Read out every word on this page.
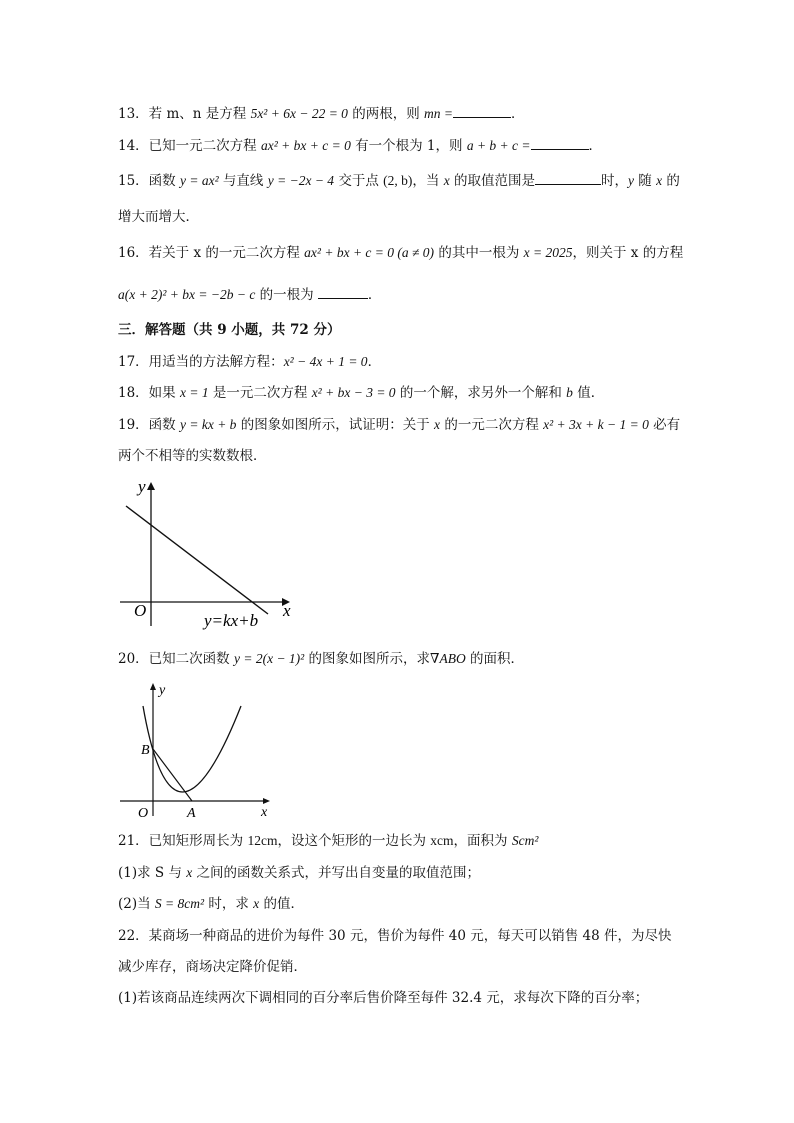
13．若 m、n 是方程 5x² + 6x − 22 = 0 的两根，则 mn =	．
14．已知一元二次方程 ax² + bx + c = 0 有一个根为 1，则 a + b + c =	．
15．函数 y = ax² 与直线 y = −2x − 4 交于点 (2, b)，当 x 的取值范围是	时，y 随 x 的
增大而增大．
16．若关于 x 的一元二次方程 ax² + bx + c = 0 (a ≠ 0) 的其中一根为 x = 2025，则关于 x 的方程
a(x + 2)² + bx = −2b − c 的一根为	．
三．解答题（共 9 小题，共 72 分）
17．用适当的方法解方程：x² − 4x + 1 = 0．
18．如果 x = 1 是一元二次方程 x² + bx − 3 = 0 的一个解，求另外一个解和 b 值．
19．函数 y = kx + b 的图象如图所示，试证明：关于 x 的一元二次方程 x² + 3x + k − 1 = 0 必有
两个不相等的实数数根．
y
x
O
y=kx+b
20．已知二次函数 y = 2(x − 1)² 的图象如图所示，求∇ABO 的面积．
y
x
O	A
B
21．已知矩形周长为 12cm，设这个矩形的一边长为 xcm，面积为 Scm²
(1)求 S 与 x 之间的函数关系式，并写出自变量的取值范围；
(2)当 S = 8cm² 时，求 x 的值．
22．某商场一种商品的进价为每件 30 元，售价为每件 40 元，每天可以销售 48 件，为尽快
减少库存，商场决定降价促销．
(1)若该商品连续两次下调相同的百分率后售价降至每件 32.4 元，求每次下降的百分率；
